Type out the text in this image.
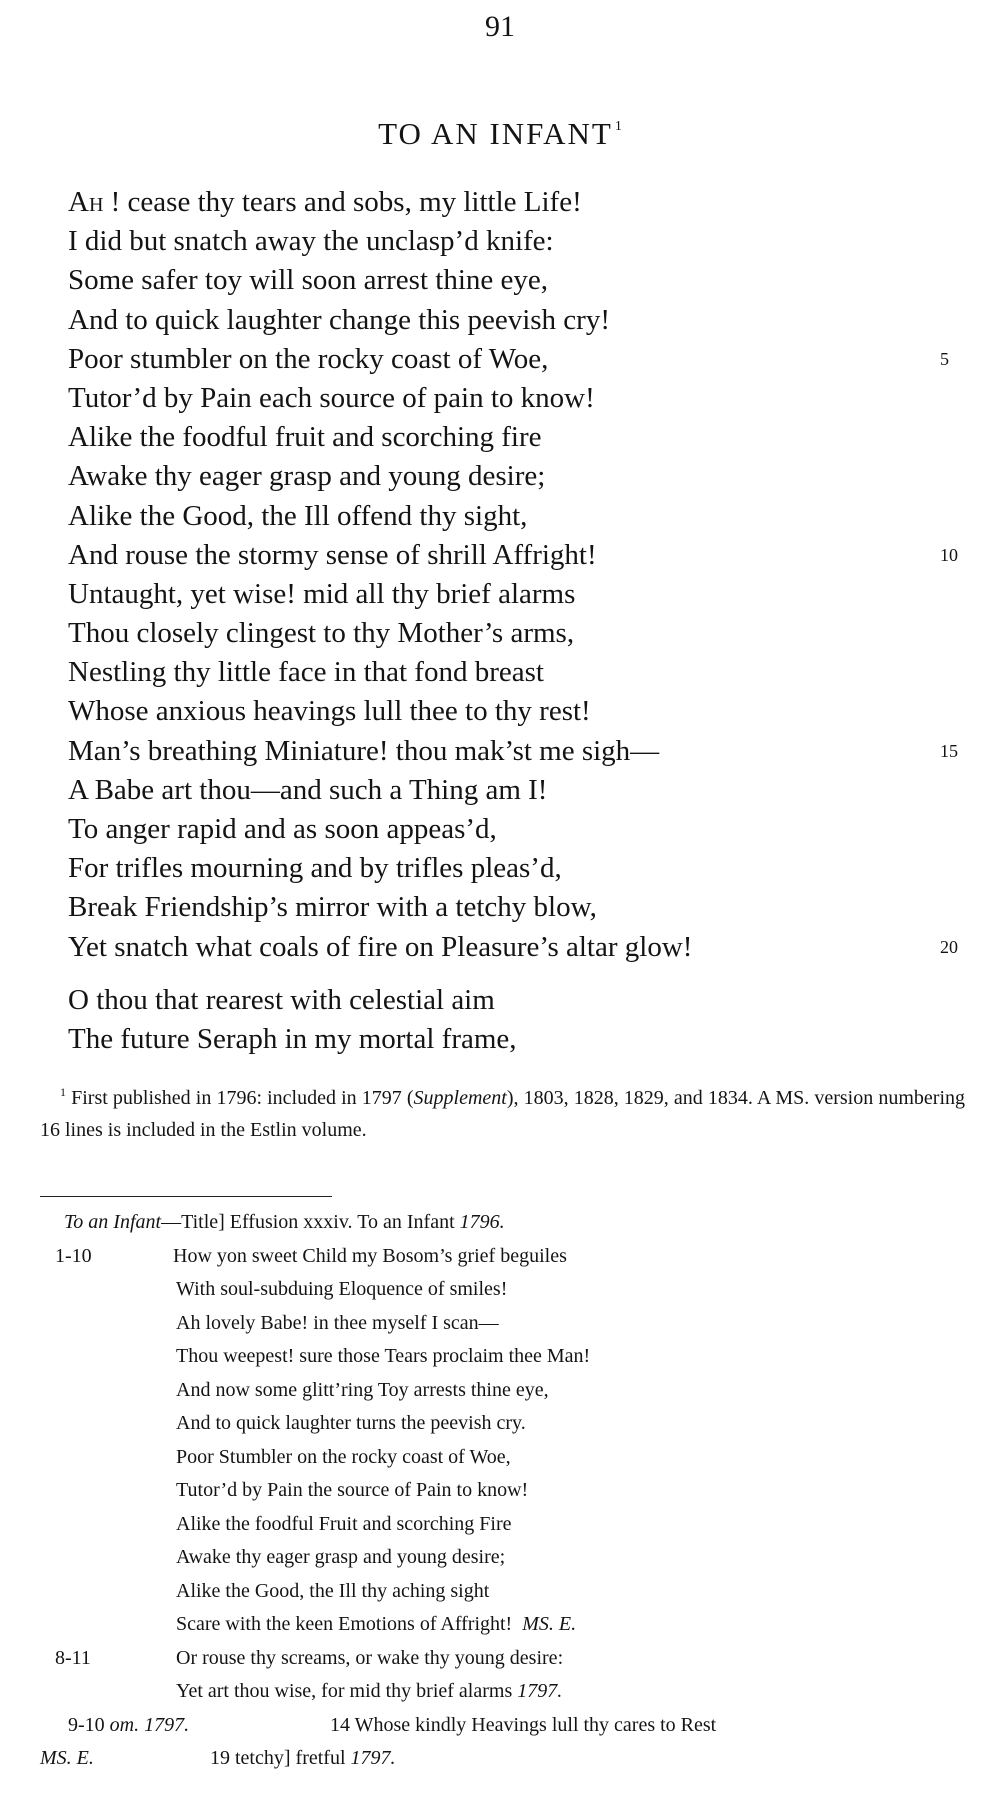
91
TO AN INFANT $^1$
Ah ! cease thy tears and sobs, my little Life!
I did but snatch away the unclasp’d knife:
Some safer toy will soon arrest thine eye,
And to quick laughter change this peevish cry!
Poor stumbler on the rocky coast of Woe,	5
Tutor’d by Pain each source of pain to know!
Alike the foodful fruit and scorching fire
Awake thy eager grasp and young desire;
Alike the Good, the Ill offend thy sight,
And rouse the stormy sense of shrill Affright!	10
Untaught, yet wise! mid all thy brief alarms
Thou closely clingest to thy Mother’s arms,
Nestling thy little face in that fond breast
Whose anxious heavings lull thee to thy rest!
Man’s breathing Miniature! thou mak’st me sigh—	15
A Babe art thou—and such a Thing am I!
To anger rapid and as soon appeas’d,
For trifles mourning and by trifles pleas’d,
Break Friendship’s mirror with a tetchy blow,
Yet snatch what coals of fire on Pleasure’s altar glow!	20
O thou that rearest with celestial aim
The future Seraph in my mortal frame,
$^1$ First published in 1796: included in 1797 (Supplement), 1803, 1828, 1829, and 1834. A MS. version numbering 16 lines is included in the Estlin volume.
To an Infant—Title] Effusion xxxiv. To an Infant 1796.
1-10	How yon sweet Child my Bosom’s grief beguiles
With soul-subduing Eloquence of smiles!
Ah lovely Babe! in thee myself I scan—
Thou weepest! sure those Tears proclaim thee Man!
And now some glitt’ring Toy arrests thine eye,
And to quick laughter turns the peevish cry.
Poor Stumbler on the rocky coast of Woe,
Tutor’d by Pain the source of Pain to know!
Alike the foodful Fruit and scorching Fire
Awake thy eager grasp and young desire;
Alike the Good, the Ill thy aching sight
Scare with the keen Emotions of Affright! MS. E.
8-11	Or rouse thy screams, or wake thy young desire:
Yet art thou wise, for mid thy brief alarms 1797.
9-10 om. 1797.	14 Whose kindly Heavings lull thy cares to Rest
MS. E.	19 tetchy] fretful 1797.
